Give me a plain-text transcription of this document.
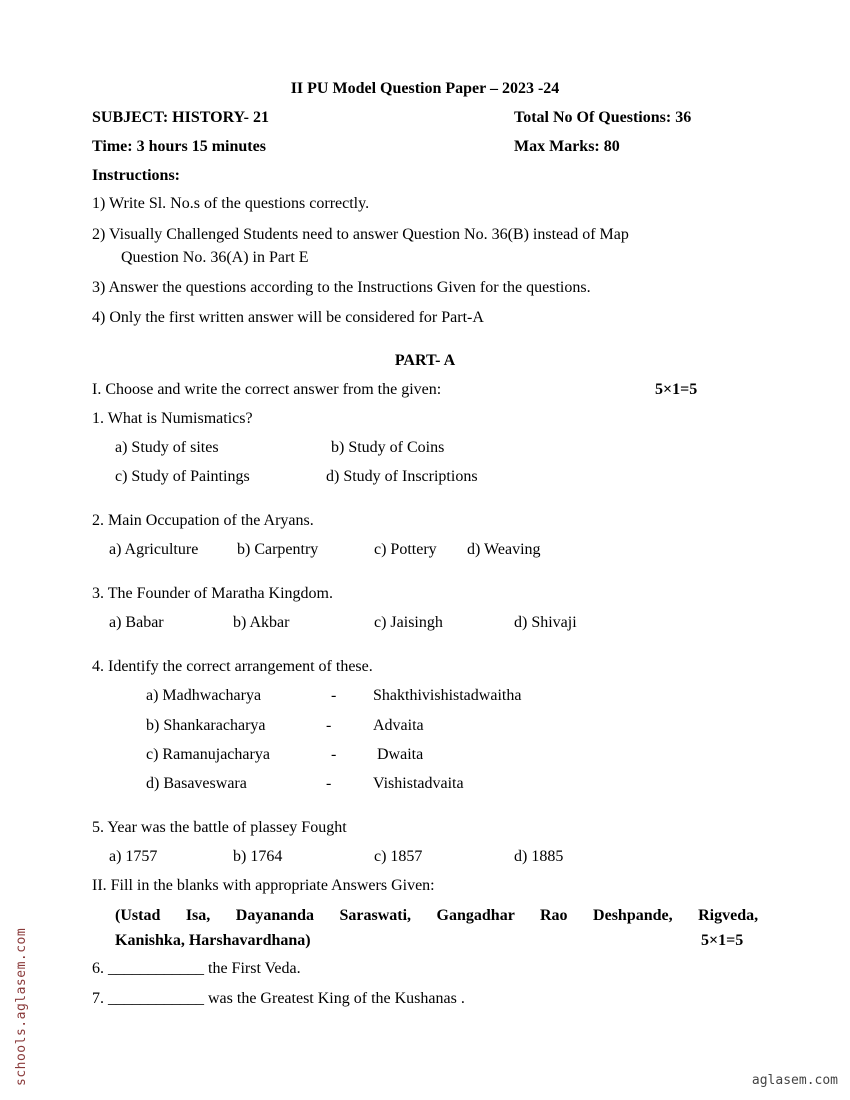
II PU Model Question Paper – 2023 -24
SUBJECT: HISTORY- 21	Total No Of Questions: 36
Time: 3 hours 15 minutes	Max Marks: 80
Instructions:
1) Write Sl. No.s of the questions correctly.
2) Visually Challenged Students need to answer Question No. 36(B) instead of Map
Question No. 36(A) in Part E
3) Answer the questions according to the Instructions Given for the questions.
4) Only the first written answer will be considered for Part-A
PART- A
I. Choose and write the correct answer from the given:	5×1=5
1. What is Numismatics?
a) Study of sites	b) Study of Coins
c) Study of Paintings	d) Study of Inscriptions
2. Main Occupation of the Aryans.
a) Agriculture b) Carpentry	c) Pottery d) Weaving
3. The Founder of Maratha Kingdom.
a) Babar	b) Akbar	c) Jaisingh	d) Shivaji
4. Identify the correct arrangement of these.
a) Madhwacharya	- Shakthivishistadwaitha
b) Shankaracharya	-	Advaita
c) Ramanujacharya	-	Dwaita
d) Basaveswara	-	Vishistadvaita
5. Year was the battle of plassey Fought
a) 1757	b) 1764	c) 1857	d) 1885
II. Fill in the blanks with appropriate Answers Given:
(Ustad Isa, Dayananda Saraswati, Gangadhar Rao Deshpande, Rigveda,
Kanishka, Harshavardhana)	5×1=5
6. ____________ the First Veda.
7. ____________ was the Greatest King of the Kushanas .
schools.aglasem.com	aglasem.com
